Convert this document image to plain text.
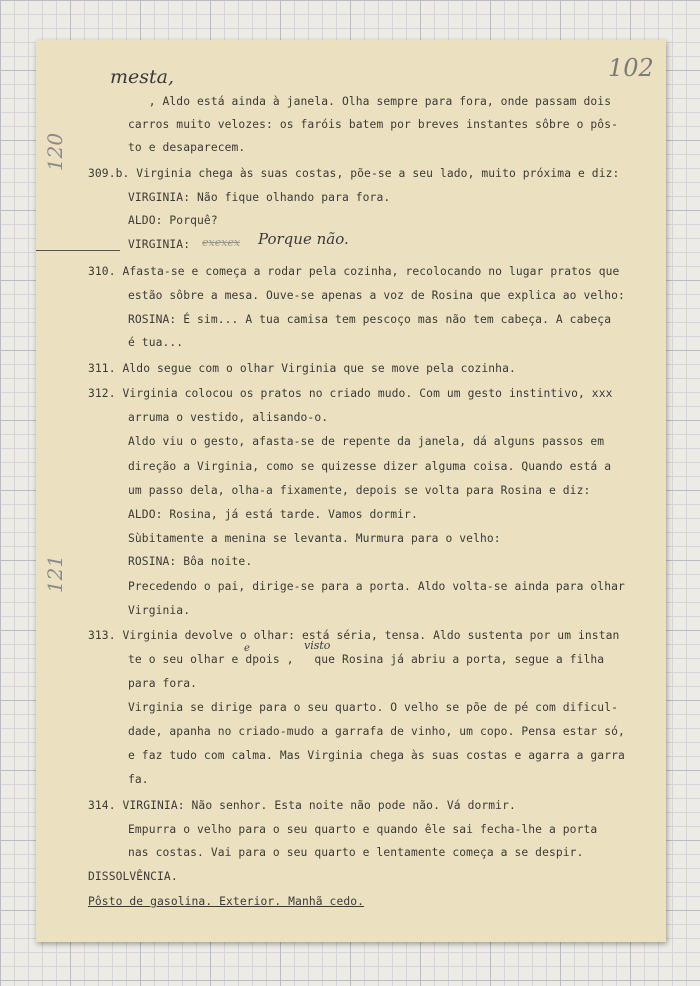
102
120
121
mesta,
, Aldo está ainda à janela. Olha sempre para fora, onde passam dois
carros muito velozes: os faróis batem por breves instantes sôbre o pôs-
to e desaparecem.
309.b. Virginia chega às suas costas, põe-se a seu lado, muito próxima e diz:
VIRGINIA: Não fique olhando para fora.
ALDO: Porquê?
VIRGINIA: exexex Porque não.
310. Afasta-se e começa a rodar pela cozinha, recolocando no lugar pratos que
estão sôbre a mesa. Ouve-se apenas a voz de Rosina que explica ao velho:
ROSINA: É sim... A tua camisa tem pescoço mas não tem cabeça. A cabeça
é tua...
311. Aldo segue com o olhar Virginia que se move pela cozinha.
312. Virginia colocou os pratos no criado mudo. Com um gesto instintivo, xxx
arruma o vestido, alisando-o.
Aldo viu o gesto, afasta-se de repente da janela, dá alguns passos em
direção a Virginia, como se quizesse dizer alguma coisa. Quando está a
um passo dela, olha-a fixamente, depois se volta para Rosina e diz:
ALDO: Rosina, já está tarde. Vamos dormir.
Sùbitamente a menina se levanta. Murmura para o velho:
ROSINA: Bôa noite.
Precedendo o pai, dirige-se para a porta. Aldo volta-se ainda para olhar
Virginia.
313. Virginia devolve o olhar: está séria, tensa. Aldo sustenta por um instan
te o seu olhar e dpois ,   que Rosina já abriu a porta, segue a filha
e	visto
para fora.
Virginia se dirige para o seu quarto. O velho se põe de pé com dificul-
dade, apanha no criado-mudo a garrafa de vinho, um copo. Pensa estar só,
e faz tudo com calma. Mas Virginia chega às suas costas e agarra a garra
fa.
314. VIRGINIA: Não senhor. Esta noite não pode não. Vá dormir.
Empurra o velho para o seu quarto e quando êle sai fecha-lhe a porta
nas costas. Vai para o seu quarto e lentamente começa a se despir.
DISSOLVÊNCIA.
Pôsto de gasolina. Exterior. Manhã cedo.
